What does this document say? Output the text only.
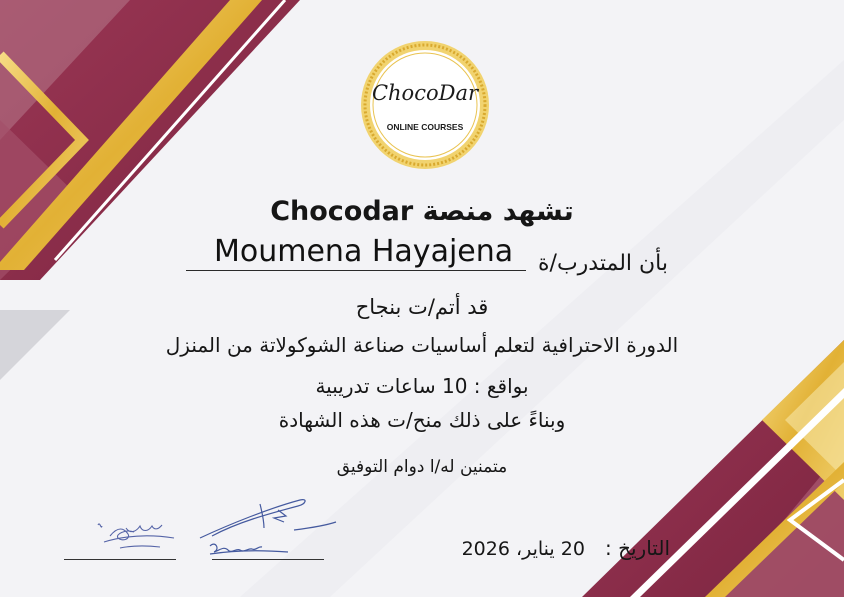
ChocoDar
ONLINE COURSES

تشهد منصة Chocodar

بأن المتدرب/ة

Moumena Hayajena

قد أتم/ت بنجاح

الدورة الاحترافية لتعلم أساسيات صناعة الشوكولاتة من المنزل

بواقع : 10 ساعات تدريبية

وبناءً على ذلك منح/ت هذه الشهادة

متمنين له/ا دوام التوفيق

التاريخ : 20 يناير، 2026
